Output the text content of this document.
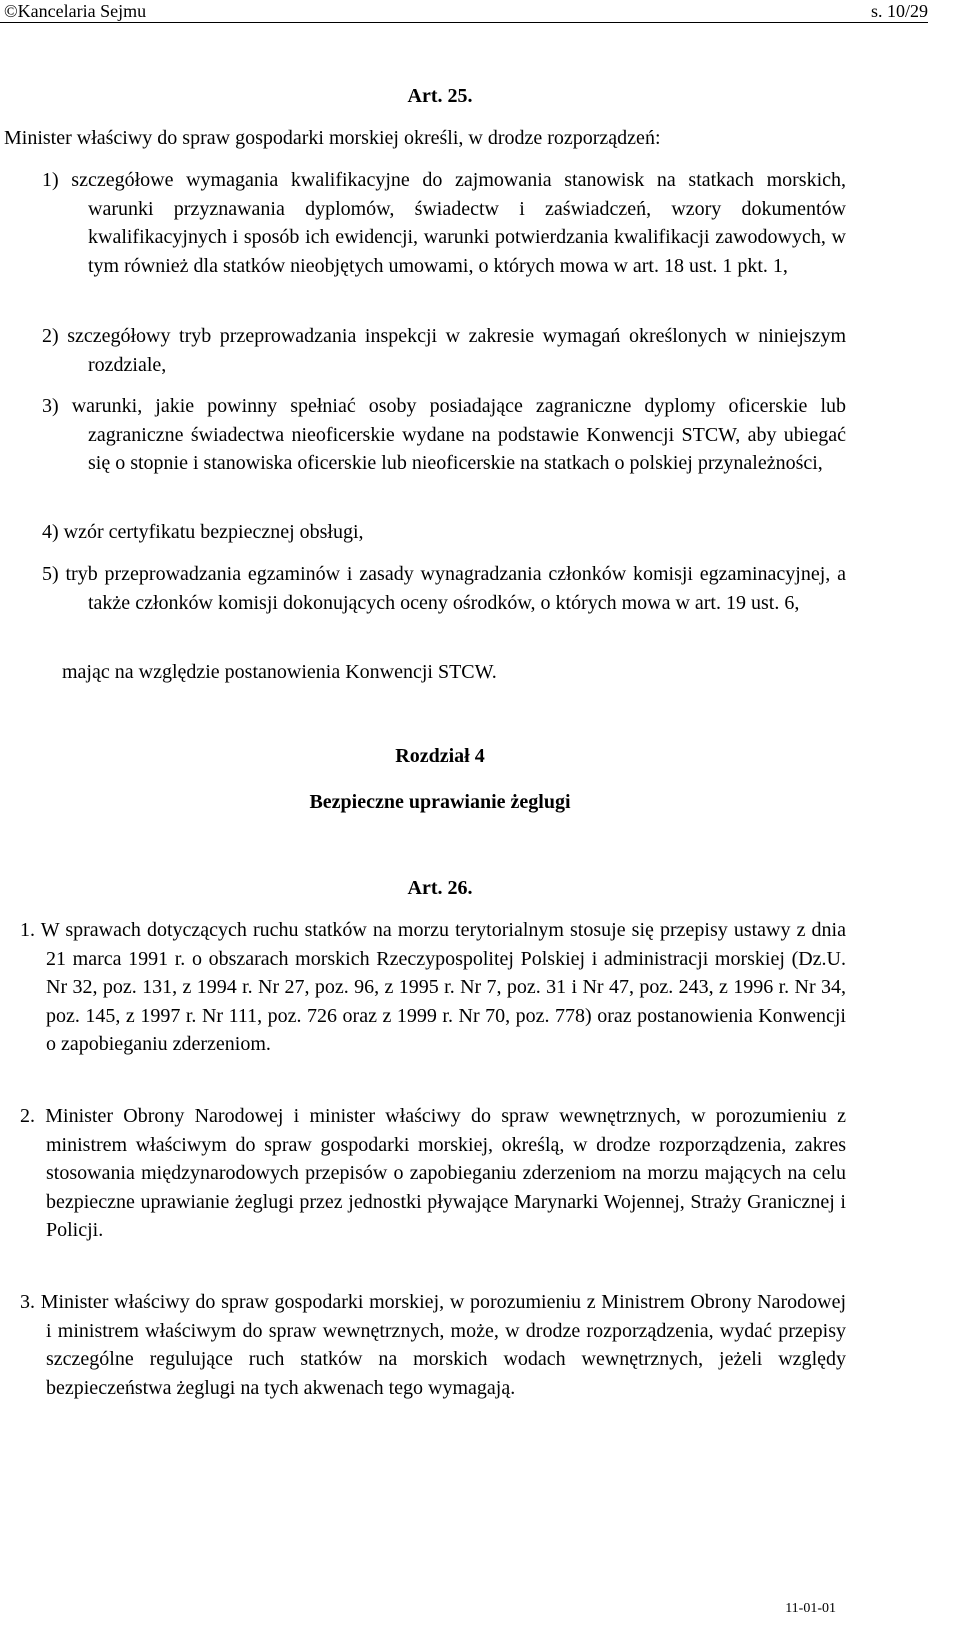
©Kancelaria Sejmu	s. 10/29
Art. 25.
Minister właściwy do spraw gospodarki morskiej określi, w drodze rozporządzeń:
1) szczegółowe wymagania kwalifikacyjne do zajmowania stanowisk na statkach morskich, warunki przyznawania dyplomów, świadectw i zaświadczeń, wzory dokumentów kwalifikacyjnych i sposób ich ewidencji, warunki potwierdzania kwalifikacji zawodowych, w tym również dla statków nieobjętych umowami, o których mowa w art. 18 ust. 1 pkt. 1,
2) szczegółowy tryb przeprowadzania inspekcji w zakresie wymagań określonych w niniejszym rozdziale,
3) warunki, jakie powinny spełniać osoby posiadające zagraniczne dyplomy oficerskie lub zagraniczne świadectwa nieoficerskie wydane na podstawie Konwencji STCW, aby ubiegać się o stopnie i stanowiska oficerskie lub nieoficerskie na statkach o polskiej przynależności,
4) wzór certyfikatu bezpiecznej obsługi,
5) tryb przeprowadzania egzaminów i zasady wynagradzania członków komisji egzaminacyjnej, a także członków komisji dokonujących oceny ośrodków, o których mowa w art. 19 ust. 6,
mając na względzie postanowienia Konwencji STCW.
Rozdział 4
Bezpieczne uprawianie żeglugi
Art. 26.
1. W sprawach dotyczących ruchu statków na morzu terytorialnym stosuje się przepisy ustawy z dnia 21 marca 1991 r. o obszarach morskich Rzeczypospolitej Polskiej i administracji morskiej (Dz.U. Nr 32, poz. 131, z 1994 r. Nr 27, poz. 96, z 1995 r. Nr 7, poz. 31 i Nr 47, poz. 243, z 1996 r. Nr 34, poz. 145, z 1997 r. Nr 111, poz. 726 oraz z 1999 r. Nr 70, poz. 778) oraz postanowienia Konwencji o zapobieganiu zderzeniom.
2. Minister Obrony Narodowej i minister właściwy do spraw wewnętrznych, w porozumieniu z ministrem właściwym do spraw gospodarki morskiej, określą, w drodze rozporządzenia, zakres stosowania międzynarodowych przepisów o zapobieganiu zderzeniom na morzu mających na celu bezpieczne uprawianie żeglugi przez jednostki pływające Marynarki Wojennej, Straży Granicznej i Policji.
3. Minister właściwy do spraw gospodarki morskiej, w porozumieniu z Ministrem Obrony Narodowej i ministrem właściwym do spraw wewnętrznych, może, w drodze rozporządzenia, wydać przepisy szczególne regulujące ruch statków na morskich wodach wewnętrznych, jeżeli względy bezpieczeństwa żeglugi na tych akwenach tego wymagają.
11-01-01
